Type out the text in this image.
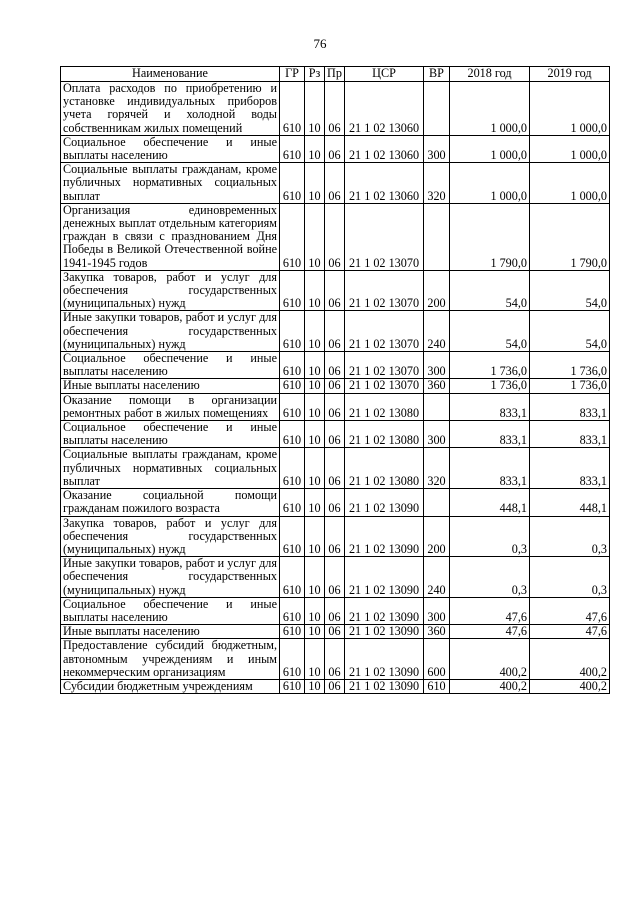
76
Наименование	ГР	Рз	Пр	ЦСР	ВР	2018 год	2019 год
Оплата расходов по приобретению и установке индивидуальных приборов учета горячей и холодной воды собственникам жилых помещений	610	10	06	21 1 02 13060		1 000,0	1 000,0
Социальное обеспечение и иные выплаты населению	610	10	06	21 1 02 13060	300	1 000,0	1 000,0
Социальные выплаты гражданам, кроме публичных нормативных социальных выплат	610	10	06	21 1 02 13060	320	1 000,0	1 000,0
Организация единовременных денежных выплат отдельным категориям граждан в связи с празднованием Дня Победы в Великой Отечественной войне 1941-1945 годов	610	10	06	21 1 02 13070		1 790,0	1 790,0
Закупка товаров, работ и услуг для обеспечения государственных (муниципальных) нужд	610	10	06	21 1 02 13070	200	54,0	54,0
Иные закупки товаров, работ и услуг для обеспечения государственных (муниципальных) нужд	610	10	06	21 1 02 13070	240	54,0	54,0
Социальное обеспечение и иные выплаты населению	610	10	06	21 1 02 13070	300	1 736,0	1 736,0
Иные выплаты населению	610	10	06	21 1 02 13070	360	1 736,0	1 736,0
Оказание помощи в организации ремонтных работ в жилых помещениях	610	10	06	21 1 02 13080		833,1	833,1
Социальное обеспечение и иные выплаты населению	610	10	06	21 1 02 13080	300	833,1	833,1
Социальные выплаты гражданам, кроме публичных нормативных социальных выплат	610	10	06	21 1 02 13080	320	833,1	833,1
Оказание социальной помощи гражданам пожилого возраста	610	10	06	21 1 02 13090		448,1	448,1
Закупка товаров, работ и услуг для обеспечения государственных (муниципальных) нужд	610	10	06	21 1 02 13090	200	0,3	0,3
Иные закупки товаров, работ и услуг для обеспечения государственных (муниципальных) нужд	610	10	06	21 1 02 13090	240	0,3	0,3
Социальное обеспечение и иные выплаты населению	610	10	06	21 1 02 13090	300	47,6	47,6
Иные выплаты населению	610	10	06	21 1 02 13090	360	47,6	47,6
Предоставление субсидий бюджетным, автономным учреждениям и иным некоммерческим организациям	610	10	06	21 1 02 13090	600	400,2	400,2
Субсидии бюджетным учреждениям	610	10	06	21 1 02 13090	610	400,2	400,2
